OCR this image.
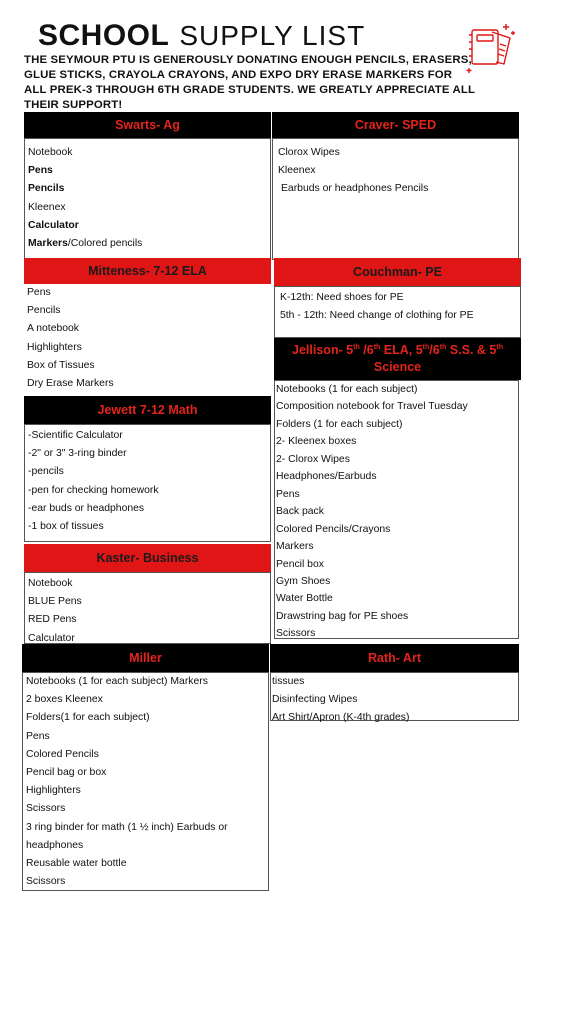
SCHOOL SUPPLY LIST

THE SEYMOUR PTU IS GENEROUSLY DONATING ENOUGH PENCILS, ERASERS, GLUE STICKS, CRAYOLA CRAYONS, AND EXPO DRY ERASE MARKERS FOR ALL PREK-3 THROUGH 6TH GRADE STUDENTS. WE GREATLY APPRECIATE ALL THEIR SUPPORT!

Swarts- Ag
Notebook
Pens
Pencils
Kleenex
Calculator
Markers/Colored pencils
Craver- SPED
Clorox Wipes
Kleenex
Earbuds or headphones Pencils
Mitteness- 7-12 ELA
Pens
Pencils
A notebook
Highlighters
Box of Tissues
Dry Erase Markers
Couchman- PE
K-12th: Need shoes for PE
5th - 12th: Need change of clothing for PE
Jellison- 5th /6th ELA, 5th/6th S.S. & 5th
Science
Notebooks (1 for each subject)
Composition notebook for Travel Tuesday
Folders (1 for each subject)
2- Kleenex boxes
2- Clorox Wipes
Headphones/Earbuds
Pens
Back pack
Colored Pencils/Crayons
Markers
Pencil box
Gym Shoes
Water Bottle
Drawstring bag for PE shoes
Scissors
Jewett 7-12 Math
-Scientific Calculator
-2" or 3" 3-ring binder
-pencils
-pen for checking homework
-ear buds or headphones
-1 box of tissues
Kaster- Business
Notebook
BLUE Pens
RED Pens
Calculator
Miller
Notebooks (1 for each subject) Markers
2 boxes Kleenex
Folders(1 for each subject)
Pens
Colored Pencils
Pencil bag or box
Highlighters
Scissors
3 ring binder for math (1 ½ inch) Earbuds or
headphones
Reusable water bottle
Scissors
Rath- Art
tissues
Disinfecting Wipes
Art Shirt/Apron (K-4th grades)
